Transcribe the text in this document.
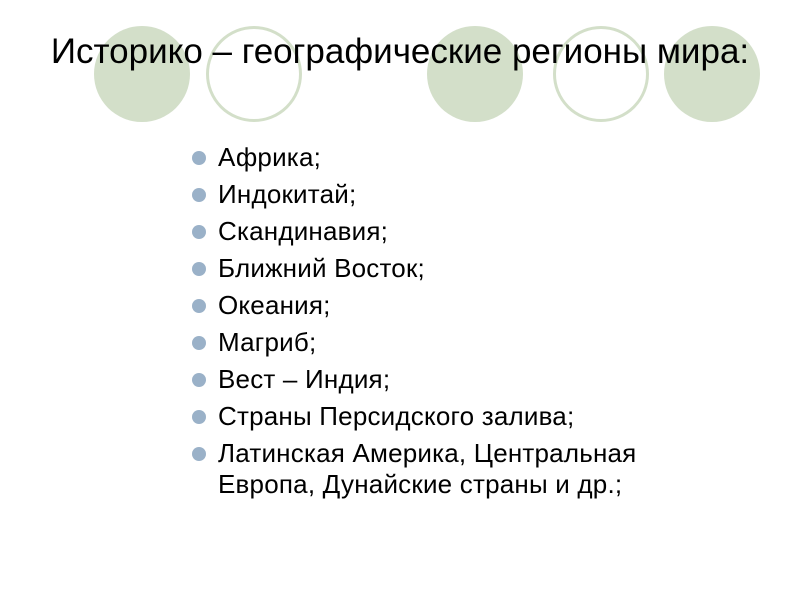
Историко – географические регионы мира:
Африка;
Индокитай;
Скандинавия;
Ближний Восток;
Океания;
Магриб;
Вест – Индия;
Страны Персидского залива;
Латинская Америка, Центральная
Европа, Дунайские страны и др.;
